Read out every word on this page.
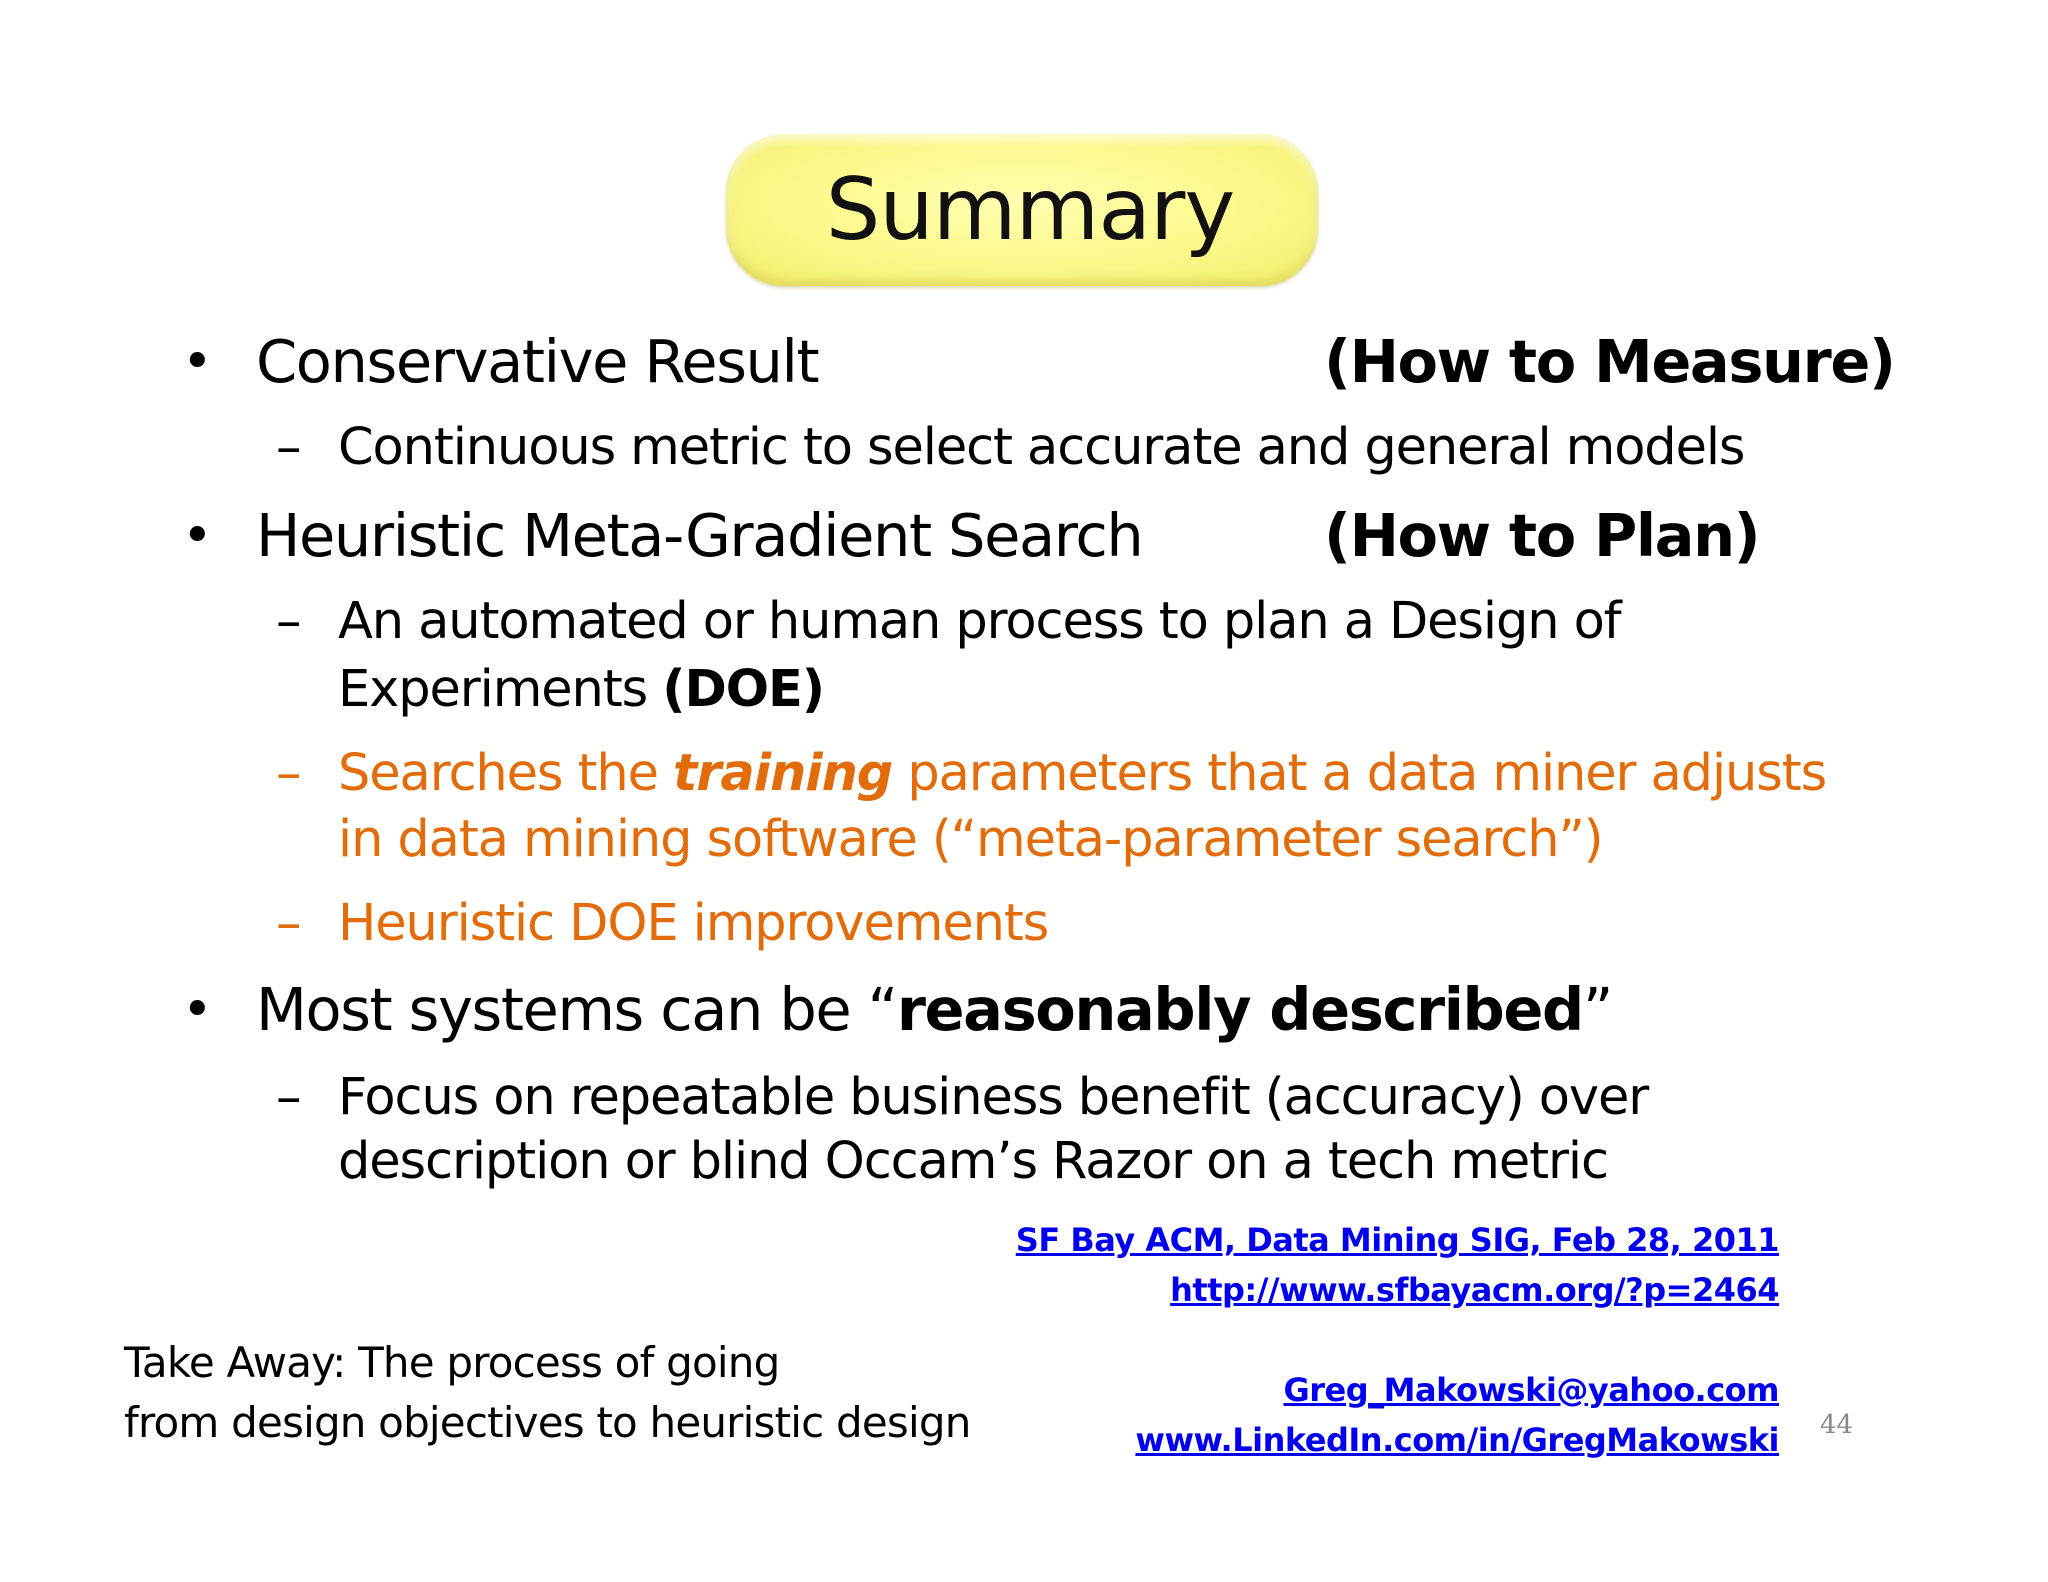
Summary
• Conservative Result	(How to Measure)
– Continuous metric to select accurate and general models
• Heuristic Meta-Gradient Search	(How to Plan)
– An automated or human process to plan a Design of
Experiments (DOE)
– Searches the training parameters that a data miner adjusts
in data mining software (“meta-parameter search”)
– Heuristic DOE improvements
• Most systems can be “reasonably described”
– Focus on repeatable business benefit (accuracy) over
description or blind Occam’s Razor on a tech metric
SF Bay ACM, Data Mining SIG, Feb 28, 2011
http://www.sfbayacm.org/?p=2464
Greg_Makowski@yahoo.com
www.LinkedIn.com/in/GregMakowski
Take Away: The process of going
from design objectives to heuristic design	44
